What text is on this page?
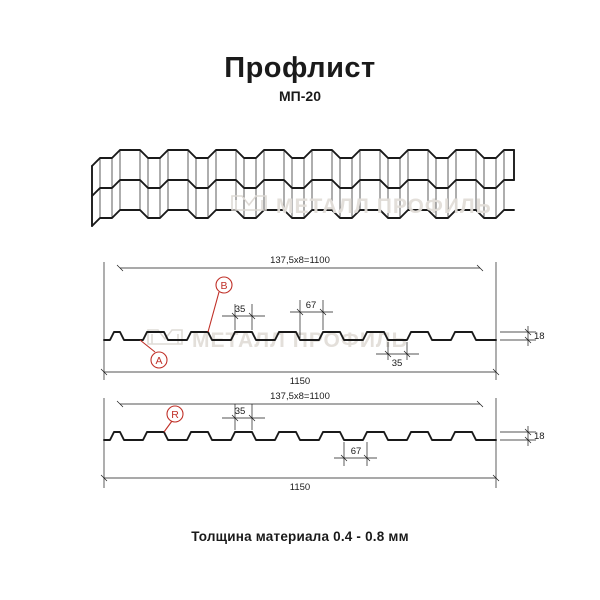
Профлист
МП-20
Толщина материала 0.4 - 0.8 мм
МЕТАЛЛ ПРОФИЛЬ
МЕТАЛЛ ПРОФИЛЬ
137,5x8=1100
18
35	67
35
1150
A
B
137,5x8=1100
18
35
67
1150
R
